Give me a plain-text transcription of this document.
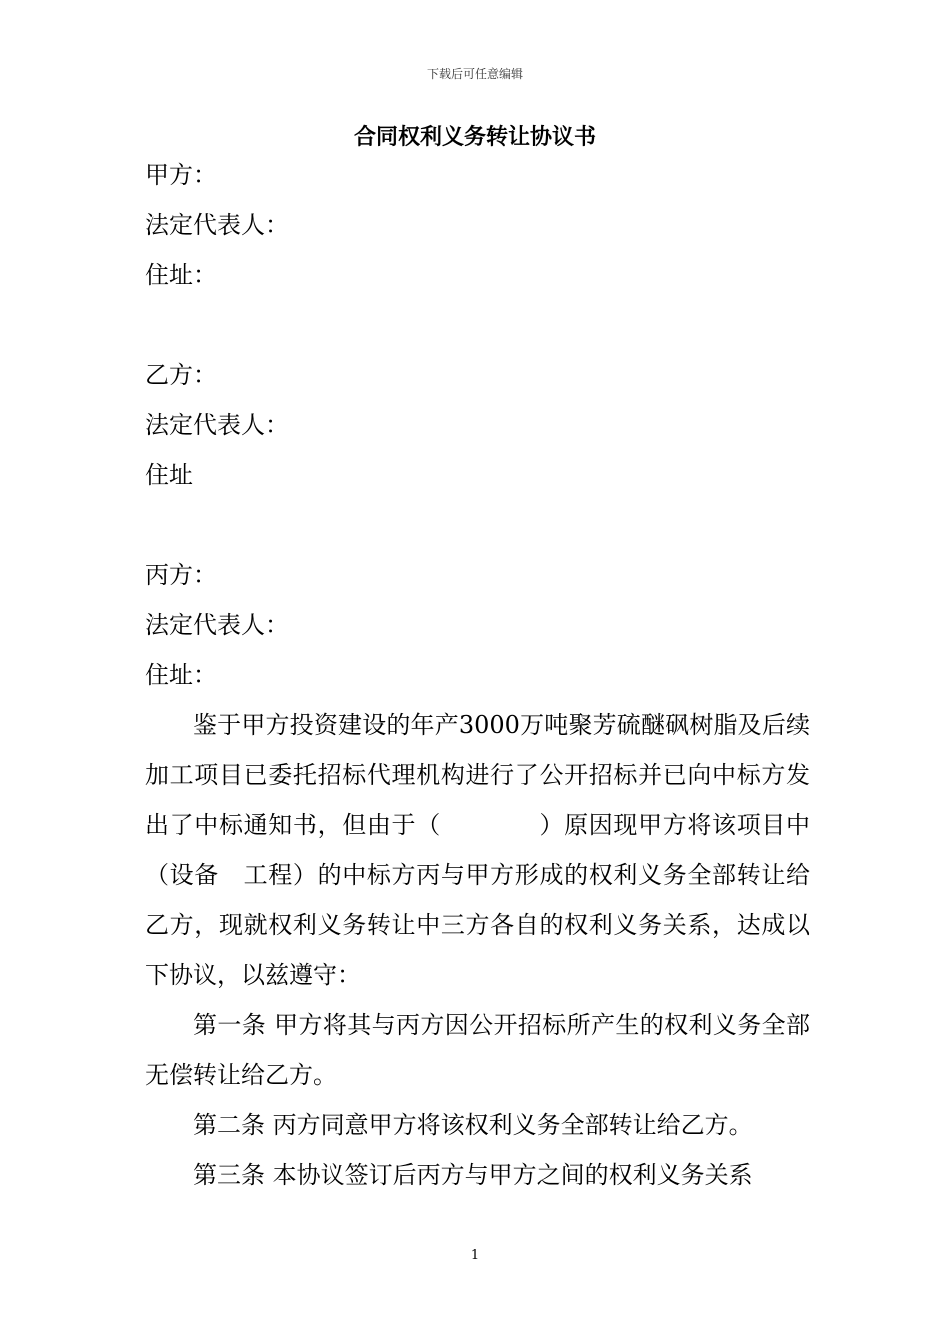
下载后可任意编辑
合同权利义务转让协议书
甲方：
法定代表人：
住址：
乙方：
法定代表人：
住址
丙方：
法定代表人：
住址：

鉴于甲方投资建设的年产3000万吨聚芳硫醚砜树脂及后续加工项目已委托招标代理机构进行了公开招标并已向中标方发出了中标通知书，但由于（　　　　）原因现甲方将该项目中（设备　工程）的中标方丙与甲方形成的权利义务全部转让给乙方，现就权利义务转让中三方各自的权利义务关系，达成以下协议，以兹遵守：

第一条 甲方将其与丙方因公开招标所产生的权利义务全部无偿转让给乙方。

第二条 丙方同意甲方将该权利义务全部转让给乙方。

第三条 本协议签订后丙方与甲方之间的权利义务关系

1
